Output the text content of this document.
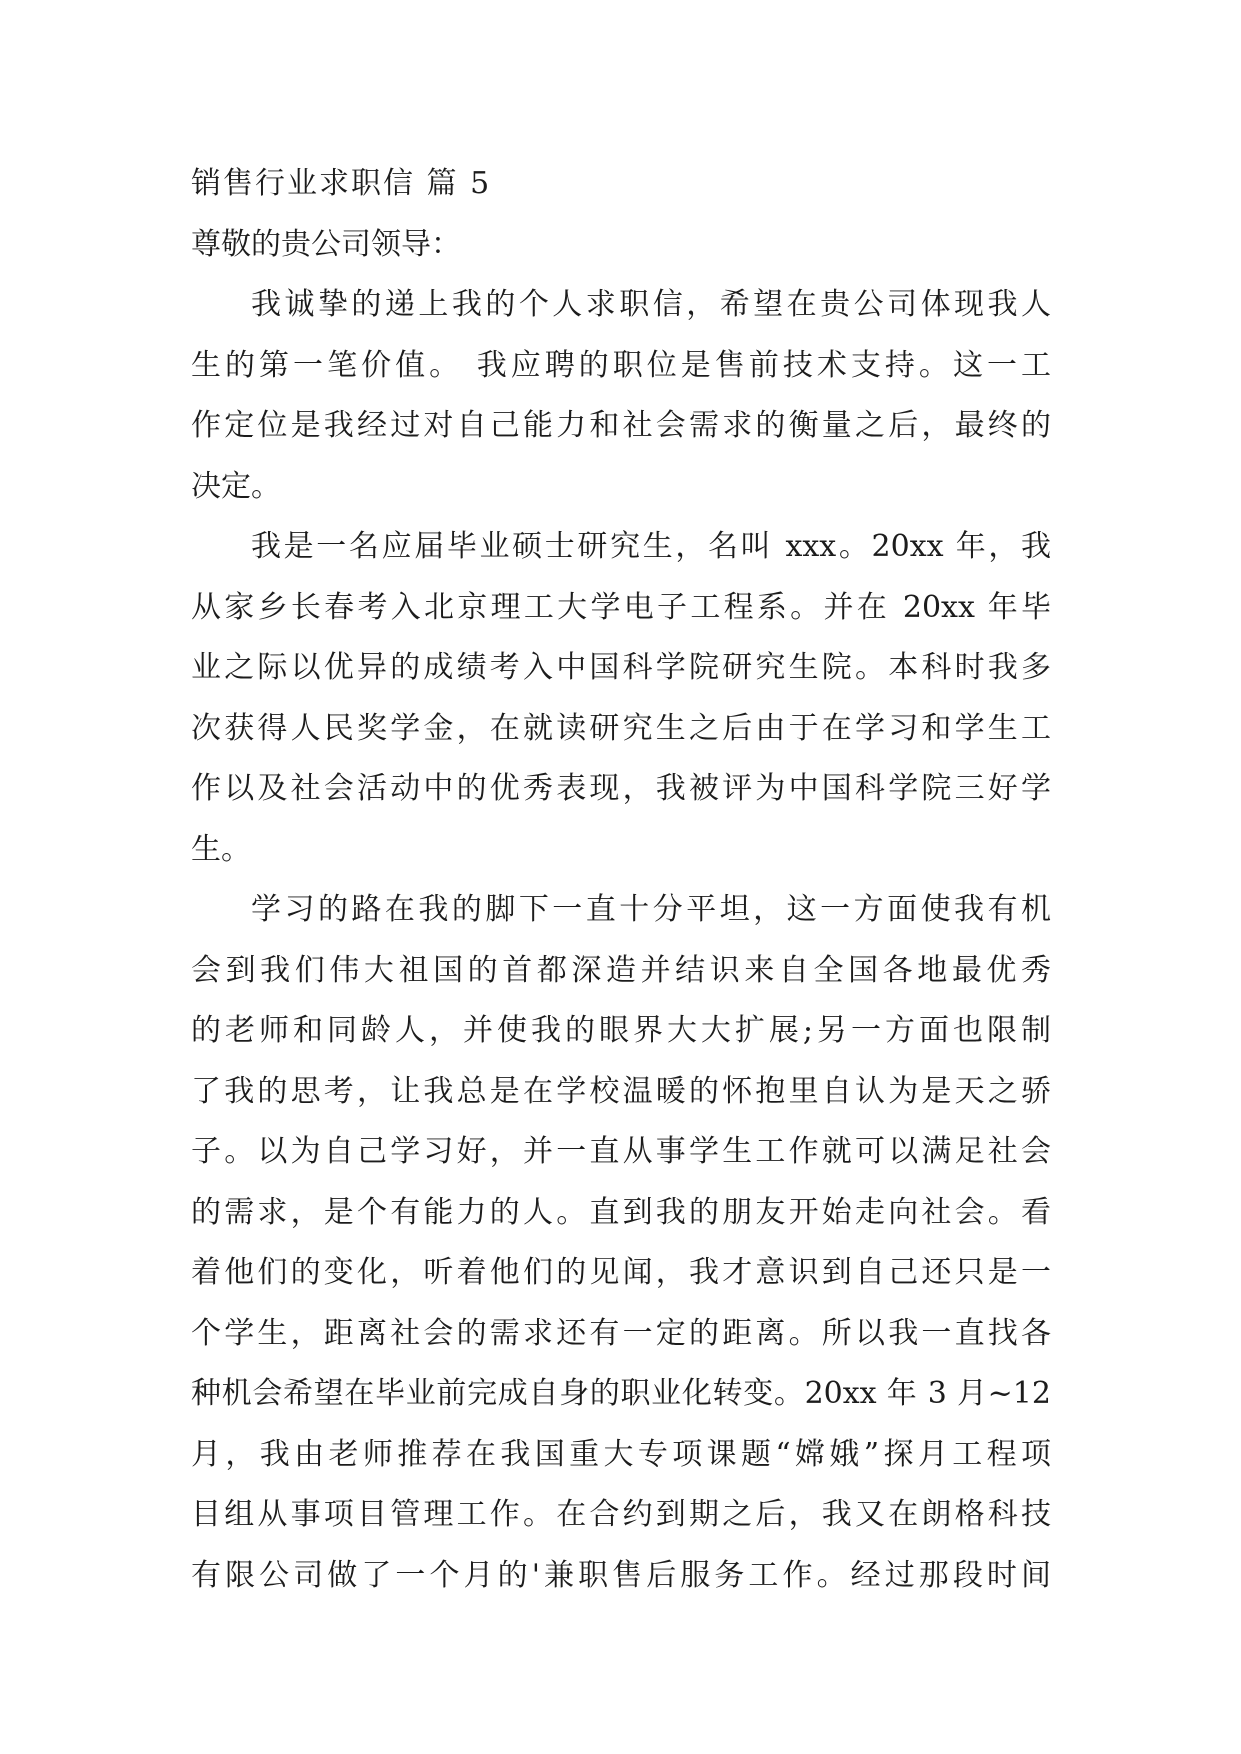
销售行业求职信 篇 5
尊敬的贵公司领导：
我诚挚的递上我的个人求职信，希望在贵公司体现我人
生的第一笔价值。 我应聘的职位是售前技术支持。这一工
作定位是我经过对自己能力和社会需求的衡量之后，最终的
决定。
我是一名应届毕业硕士研究生，名叫 xxx。20xx 年，我
从家乡长春考入北京理工大学电子工程系。并在 20xx 年毕
业之际以优异的成绩考入中国科学院研究生院。本科时我多
次获得人民奖学金，在就读研究生之后由于在学习和学生工
作以及社会活动中的优秀表现，我被评为中国科学院三好学
生。
学习的路在我的脚下一直十分平坦，这一方面使我有机
会到我们伟大祖国的首都深造并结识来自全国各地最优秀
的老师和同龄人，并使我的眼界大大扩展;另一方面也限制
了我的思考，让我总是在学校温暖的怀抱里自认为是天之骄
子。以为自己学习好，并一直从事学生工作就可以满足社会
的需求，是个有能力的人。直到我的朋友开始走向社会。看
着他们的变化，听着他们的见闻，我才意识到自己还只是一
个学生，距离社会的需求还有一定的距离。所以我一直找各
种机会希望在毕业前完成自身的职业化转变。20xx 年 3 月~12
月，我由老师推荐在我国重大专项课题“嫦娥”探月工程项
目组从事项目管理工作。在合约到期之后，我又在朗格科技
有限公司做了一个月的'兼职售后服务工作。经过那段时间
